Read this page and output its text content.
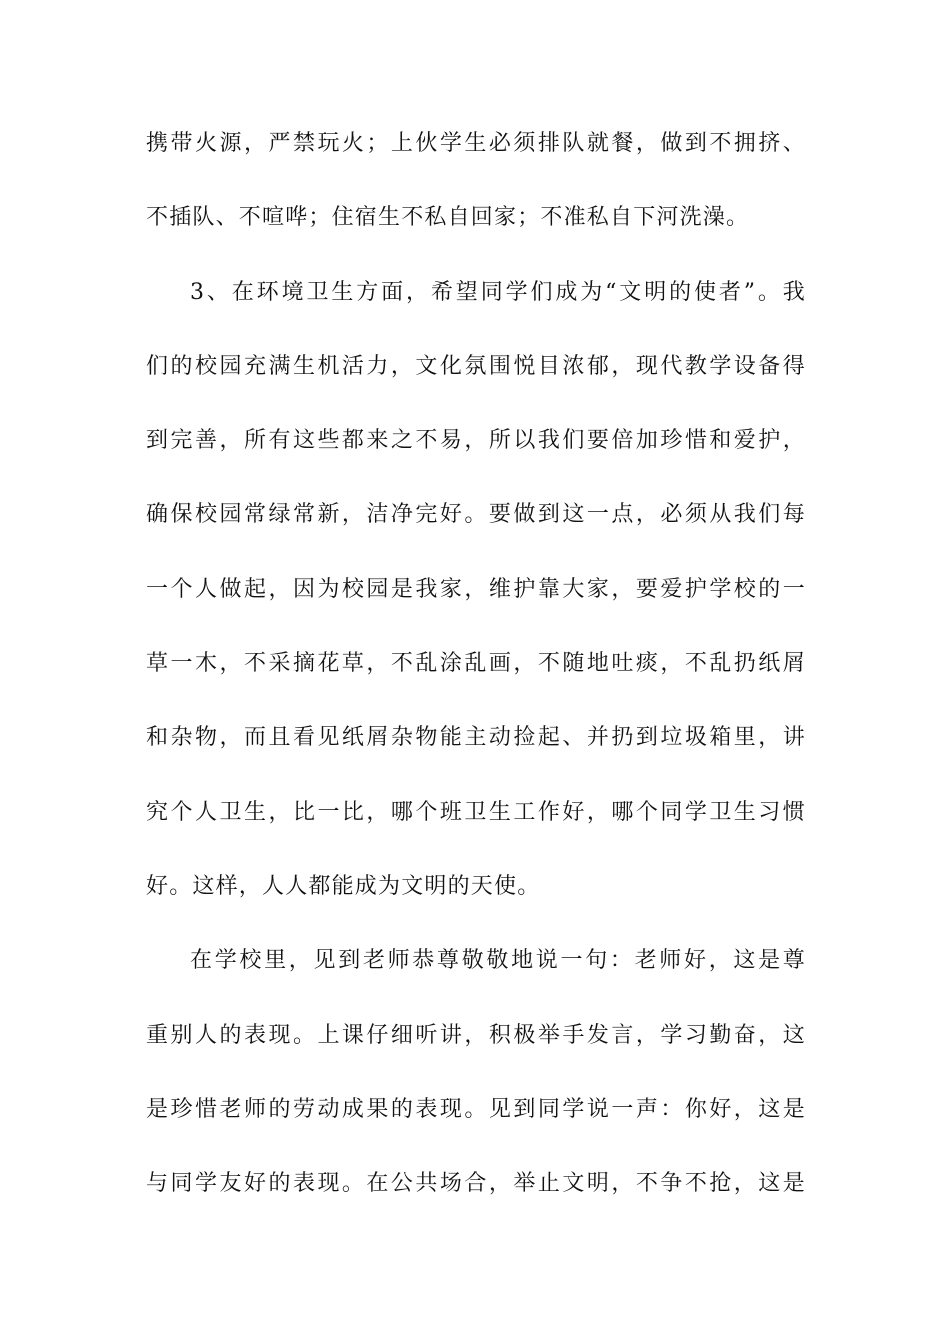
携带火源，严禁玩火；上伙学生必须排队就餐，做到不拥挤、
不插队、不喧哗；住宿生不私自回家；不准私自下河洗澡。
3、在环境卫生方面，希望同学们成为“文明的使者”。我
们的校园充满生机活力，文化氛围悦目浓郁，现代教学设备得
到完善，所有这些都来之不易，所以我们要倍加珍惜和爱护，
确保校园常绿常新，洁净完好。要做到这一点，必须从我们每
一个人做起，因为校园是我家，维护靠大家，要爱护学校的一
草一木，不采摘花草，不乱涂乱画，不随地吐痰，不乱扔纸屑
和杂物，而且看见纸屑杂物能主动捡起、并扔到垃圾箱里，讲
究个人卫生，比一比，哪个班卫生工作好，哪个同学卫生习惯
好。这样，人人都能成为文明的天使。
在学校里，见到老师恭尊敬敬地说一句：老师好，这是尊
重别人的表现。上课仔细听讲，积极举手发言，学习勤奋，这
是珍惜老师的劳动成果的表现。见到同学说一声：你好，这是
与同学友好的表现。在公共场合，举止文明，不争不抢，这是
